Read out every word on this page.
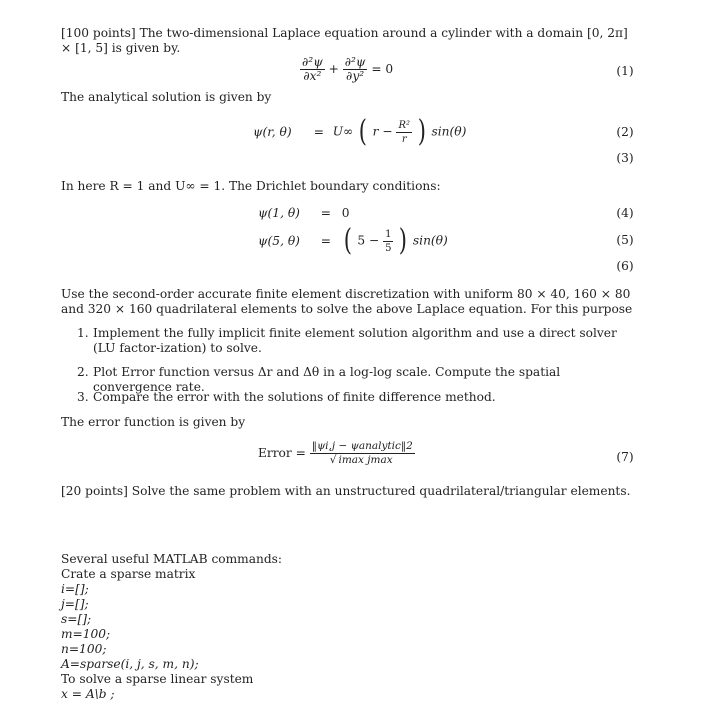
[100 points] The two-dimensional Laplace equation around a cylinder with a domain [0, 2π] × [1, 5] is given by.
$\frac{\text{∂²ψ}}{\text{∂x²}} + \frac{\text{∂²ψ}}{\text{∂y²}} = 0$	(1)
The analytical solution is given by
ψ(r, θ) = U∞ ( $r - \frac{\text{R²}}{r}$ ) sin(θ)	(2)
(3)
In here R = 1 and U∞ = 1. The Drichlet boundary conditions:
ψ(1, θ) = 0	(4)
ψ(5, θ) = ( $5 - \frac{1}{5}$ ) sin(θ)	(5)
(6)
Use the second-order accurate finite element discretization with uniform 80 × 40, 160 × 80 and 320 × 160 quadrilateral elements to solve the above Laplace equation. For this purpose
1. Implement the fully implicit finite element solution algorithm and use a direct solver (LU factor-ization) to solve.
2. Plot Error function versus Δr and Δθ in a log-log scale. Compute the spatial convergence rate.
3. Compare the error with the solutions of finite difference method.
The error function is given by
Error = $\frac{\text{‖ψi,j − ψanalytic‖2}}{\text{√ imax jmax}}$	(7)
[20 points] Solve the same problem with an unstructured quadrilateral/triangular elements.
Several useful MATLAB commands:
Crate a sparse matrix
i=[];
j=[];
s=[];
m=100;
n=100;
A=sparse(i, j, s, m, n);
To solve a sparse linear system
x = A\b ;
